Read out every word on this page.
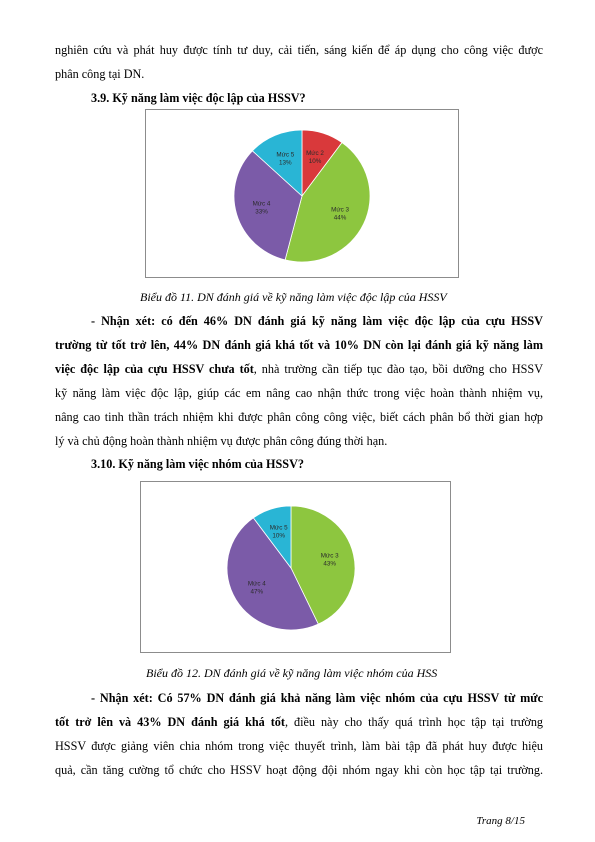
nghiên cứu và phát huy được tính tư duy, cải tiến, sáng kiến để áp dụng cho công việc được
phân công tại DN.
3.9. Kỹ năng làm việc độc lập của HSSV?
Mức 2
10%
Mức 3
44%
Mức 4
33%
Mức 5
13%
Biểu đồ 11. DN đánh giá về kỹ năng làm việc độc lập của HSSV
- Nhận xét: có đến 46% DN đánh giá kỹ năng làm việc độc lập của cựu HSSV
trường từ tốt trở lên, 44% DN đánh giá khá tốt và 10% DN còn lại đánh giá kỹ năng làm
việc độc lập của cựu HSSV chưa tốt, nhà trường cần tiếp tục đào tạo, bồi dưỡng cho HSSV
kỹ năng làm việc độc lập, giúp các em nâng cao nhận thức trong việc hoàn thành nhiệm vụ,
nâng cao tinh thần trách nhiệm khi được phân công công việc, biết cách phân bổ thời gian hợp
lý và chủ động hoàn thành nhiệm vụ được phân công đúng thời hạn.
3.10. Kỹ năng làm việc nhóm của HSSV?
Mức 3
43%
Mức 4
47%
Mức 5
10%
Biểu đồ 12. DN đánh giá về kỹ năng làm việc nhóm của HSS
- Nhận xét: Có 57% DN đánh giá khả năng làm việc nhóm của cựu HSSV từ mức
tốt trở lên và 43% DN đánh giá khá tốt, điều này cho thấy quá trình học tập tại trường
HSSV được giảng viên chia nhóm trong việc thuyết trình, làm bài tập đã phát huy được hiệu
quả, cần tăng cường tổ chức cho HSSV hoạt động đội nhóm ngay khi còn học tập tại trường.
Trang 8/15
